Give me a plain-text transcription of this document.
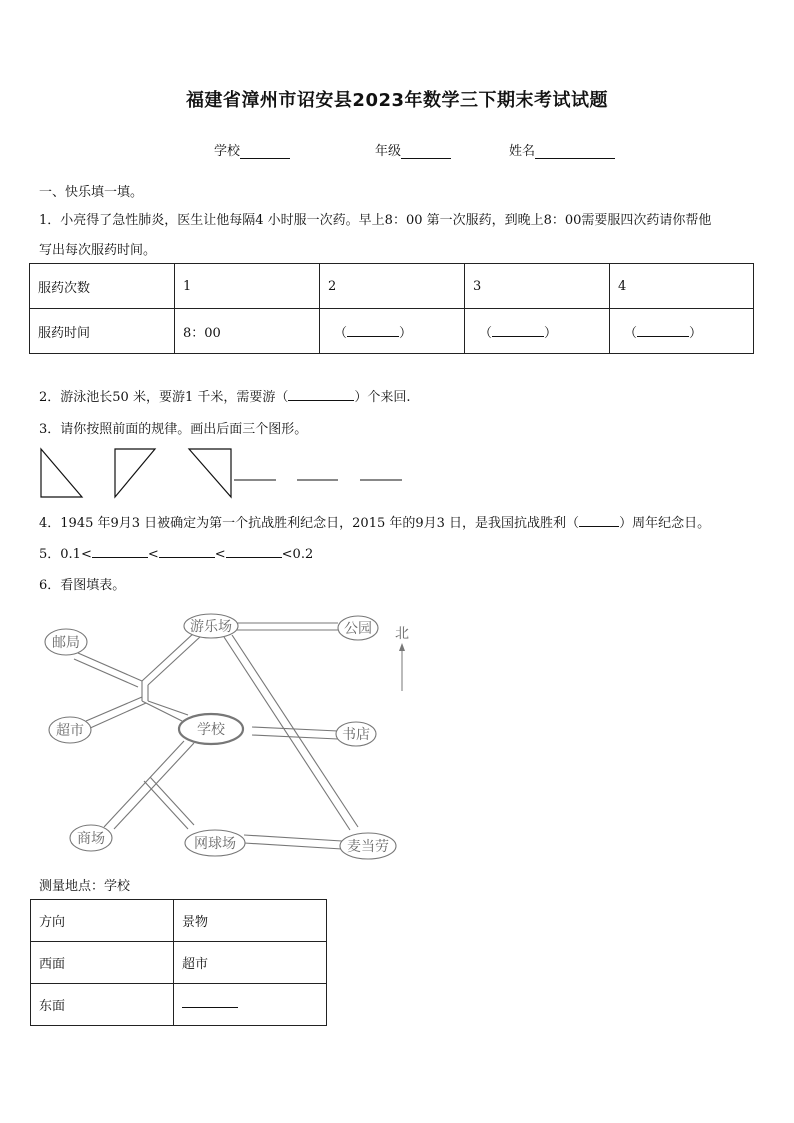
福建省漳州市诏安县2023年数学三下期末考试试题
学校	年级	姓名
一、快乐填一填。
1．小亮得了急性肺炎，医生让他每隔4 小时服一次药。早上8：00 第一次服药，到晚上8：00需要服四次药请你帮他
写出每次服药时间。
服药次数	1	2	3	4
服药时间	8：00	（ ）	（ ）	（ ）
2．游泳池长50 米，要游1 千米，需要游（	）个来回.
3．请你按照前面的规律。画出后面三个图形。
4．1945 年9月3 日被确定为第一个抗战胜利纪念日，2015 年的9月3 日，是我国抗战胜利（	）周年纪念日。
5．0.1<	<	<	<0.2
6．看图填表。
游乐场	公园
邮局
超市	学校	书店
商场	网球场	麦当劳
北
测量地点：学校
方向	景物
西面	超市
东面	
